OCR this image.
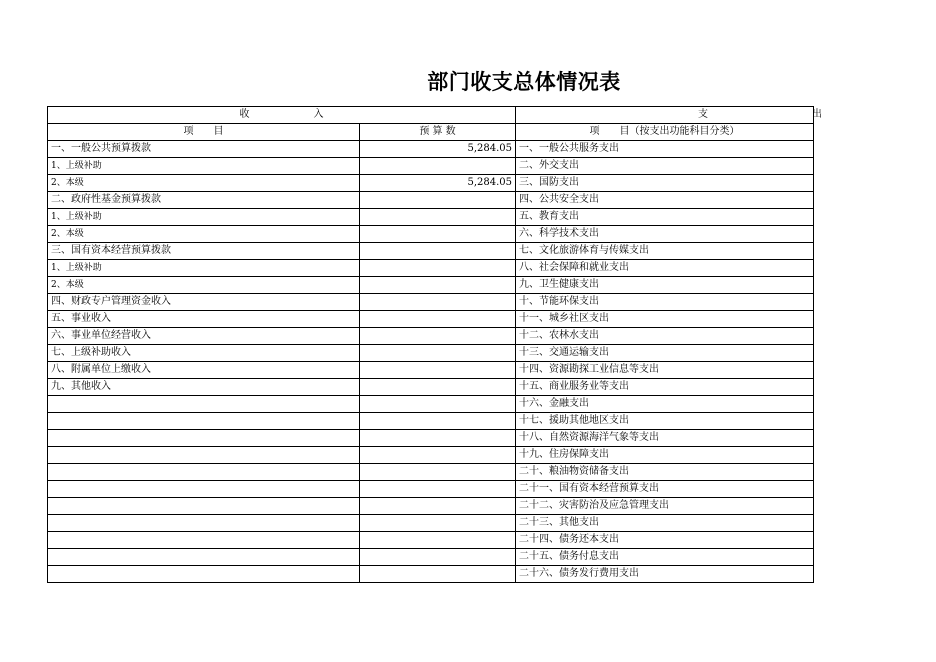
部门收支总体情况表
收 入		支 出

项　　目	预 算 数	项　　目（按支出功能科目分类）
一、一般公共预算拨款	5,284.05	一、一般公共服务支出
1、上级补助		二、外交支出
2、本级	5,284.05	三、国防支出
二、政府性基金预算拨款		四、公共安全支出
1、上级补助		五、教育支出
2、本级		六、科学技术支出
三、国有资本经营预算拨款		七、文化旅游体育与传媒支出
1、上级补助		八、社会保障和就业支出
2、本级		九、卫生健康支出
四、财政专户管理资金收入		十、节能环保支出
五、事业收入		十一、城乡社区支出
六、事业单位经营收入		十二、农林水支出
七、上级补助收入		十三、交通运输支出
八、附属单位上缴收入		十四、资源勘探工业信息等支出
九、其他收入		十五、商业服务业等支出
		十六、金融支出
		十七、援助其他地区支出
		十八、自然资源海洋气象等支出
		十九、住房保障支出
		二十、粮油物资储备支出
		二十一、国有资本经营预算支出
		二十二、灾害防治及应急管理支出
		二十三、其他支出
		二十四、债务还本支出
		二十五、债务付息支出
		二十六、债务发行费用支出
